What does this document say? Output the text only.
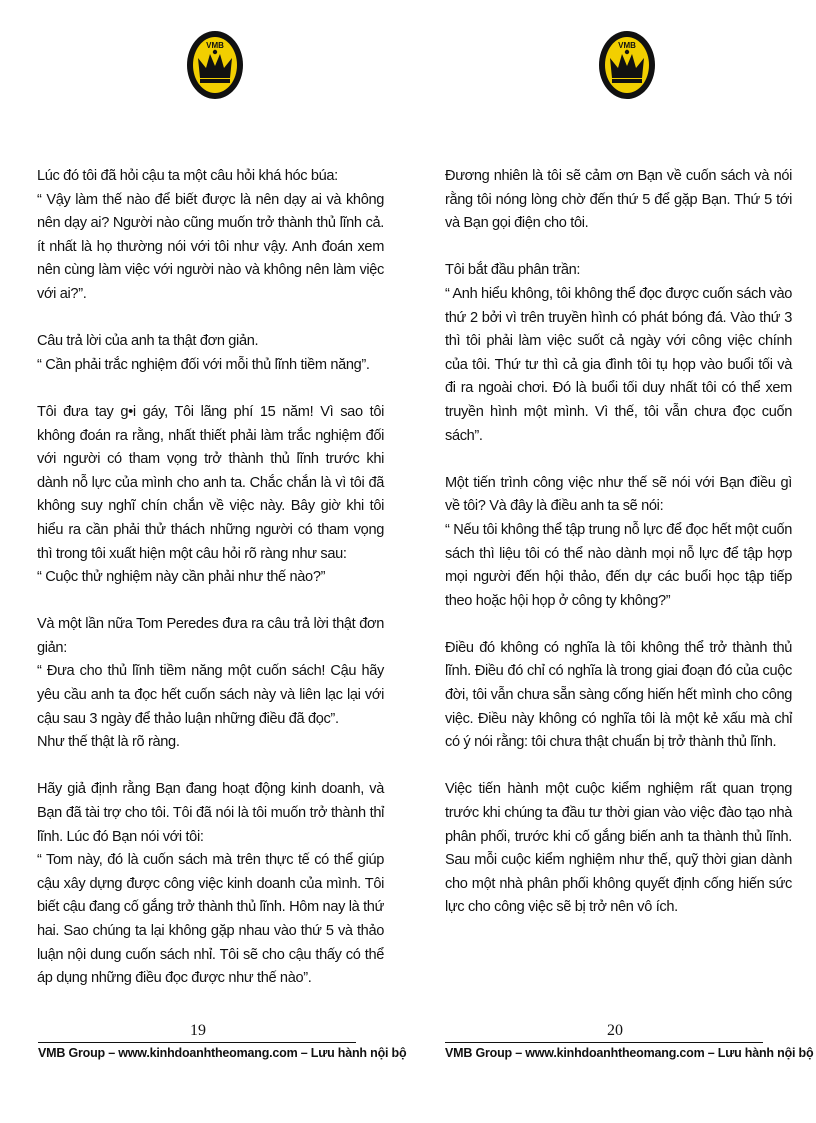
VMB

Lúc đó tôi đã hỏi cậu ta một câu hỏi khá hóc búa:

“ Vậy làm thế nào để biết được là nên dạy ai và không nên dạy ai? Người nào cũng muốn trở thành thủ lĩnh cả. ít nhất là họ thường nói với tôi như vậy. Anh đoán xem nên cùng làm việc với người nào và không nên làm việc với ai?”.

Câu trả lời của anh ta thật đơn giản.

“ Cần phải trắc nghiệm đối với mỗi thủ lĩnh tiềm năng”.

Tôi đưa tay g•i gáy, Tôi lãng phí 15 năm! Vì sao tôi không đoán ra rằng, nhất thiết phải làm trắc nghiệm đối với người có tham vọng trở thành thủ lĩnh trước khi dành nỗ lực của mình cho anh ta. Chắc chắn là vì tôi đã không suy nghĩ chín chắn về việc này. Bây giờ khi tôi hiểu ra cần phải thử thách những người có tham vọng thì trong tôi xuất hiện một câu hỏi rõ ràng như sau:

“ Cuộc thử nghiệm này cần phải như thế nào?”

Và một lần nữa Tom Peredes đưa ra câu trả lời thật đơn giản:

“ Đưa cho thủ lĩnh tiềm năng một cuốn sách! Cậu hãy yêu cầu anh ta đọc hết cuốn sách này và liên lạc lại với cậu sau 3 ngày để thảo luận những điều đã đọc”.

Như thế thật là rõ ràng.

Hãy giả định rằng Bạn đang hoạt động kinh doanh, và Bạn đã tài trợ cho tôi. Tôi đã nói là tôi muốn trở thành thỉ lĩnh. Lúc đó Bạn nói với tôi:

“ Tom này, đó là cuốn sách mà trên thực tế có thể giúp cậu xây dựng được công việc kinh doanh của mình. Tôi biết cậu đang cố gắng trở thành thủ lĩnh. Hôm nay là thứ hai. Sao chúng ta lại không gặp nhau vào thứ 5 và thảo luận nội dung cuốn sách nhỉ. Tôi sẽ cho cậu thấy có thể áp dụng những điều đọc được như thế nào”.

19
VMB Group – www.kinhdoanhtheomang.com – Lưu hành nội bộ
VMB

Đương nhiên là tôi sẽ cảm ơn Bạn về cuốn sách và nói rằng tôi nóng lòng chờ đến thứ 5 để gặp Bạn. Thứ 5 tới và Bạn gọi điện cho tôi.

Tôi bắt đầu phân trần:

“ Anh hiểu không, tôi không thể đọc được cuốn sách vào thứ 2 bởi vì trên truyền hình có phát bóng đá. Vào thứ 3 thì tôi phải làm việc suốt cả ngày với công việc chính của tôi. Thứ tư thì cả gia đình tôi tụ họp vào buổi tối và đi ra ngoài chơi. Đó là buổi tối duy nhất tôi có thể xem truyền hình một mình. Vì thế, tôi vẫn chưa đọc cuốn sách”.

Một tiến trình công việc như thế sẽ nói với Bạn điều gì về tôi? Và đây là điều anh ta sẽ nói:

“ Nếu tôi không thể tập trung nỗ lực để đọc hết một cuốn sách thì liệu tôi có thể nào dành mọi nỗ lực để tập hợp mọi người đến hội thảo, đến dự các buổi học tập tiếp theo hoặc hội họp ở công ty không?”

Điều đó không có nghĩa là tôi không thể trở thành thủ lĩnh. Điều đó chỉ có nghĩa là trong giai đoạn đó của cuộc đời, tôi vẫn chưa sẵn sàng cống hiến hết mình cho công việc. Điều này không có nghĩa tôi là một kẻ xấu mà chỉ có ý nói rằng: tôi chưa thật chuẩn bị trở thành thủ lĩnh.

Việc tiến hành một cuộc kiểm nghiệm rất quan trọng trước khi chúng ta đầu tư thời gian vào việc đào tạo nhà phân phối, trước khi cố gắng biến anh ta thành thủ lĩnh. Sau mỗi cuộc kiểm nghiệm như thế, quỹ thời gian dành cho một nhà phân phối không quyết định cống hiến sức lực cho công việc sẽ bị trở nên vô ích.

20
VMB Group – www.kinhdoanhtheomang.com – Lưu hành nội bộ
